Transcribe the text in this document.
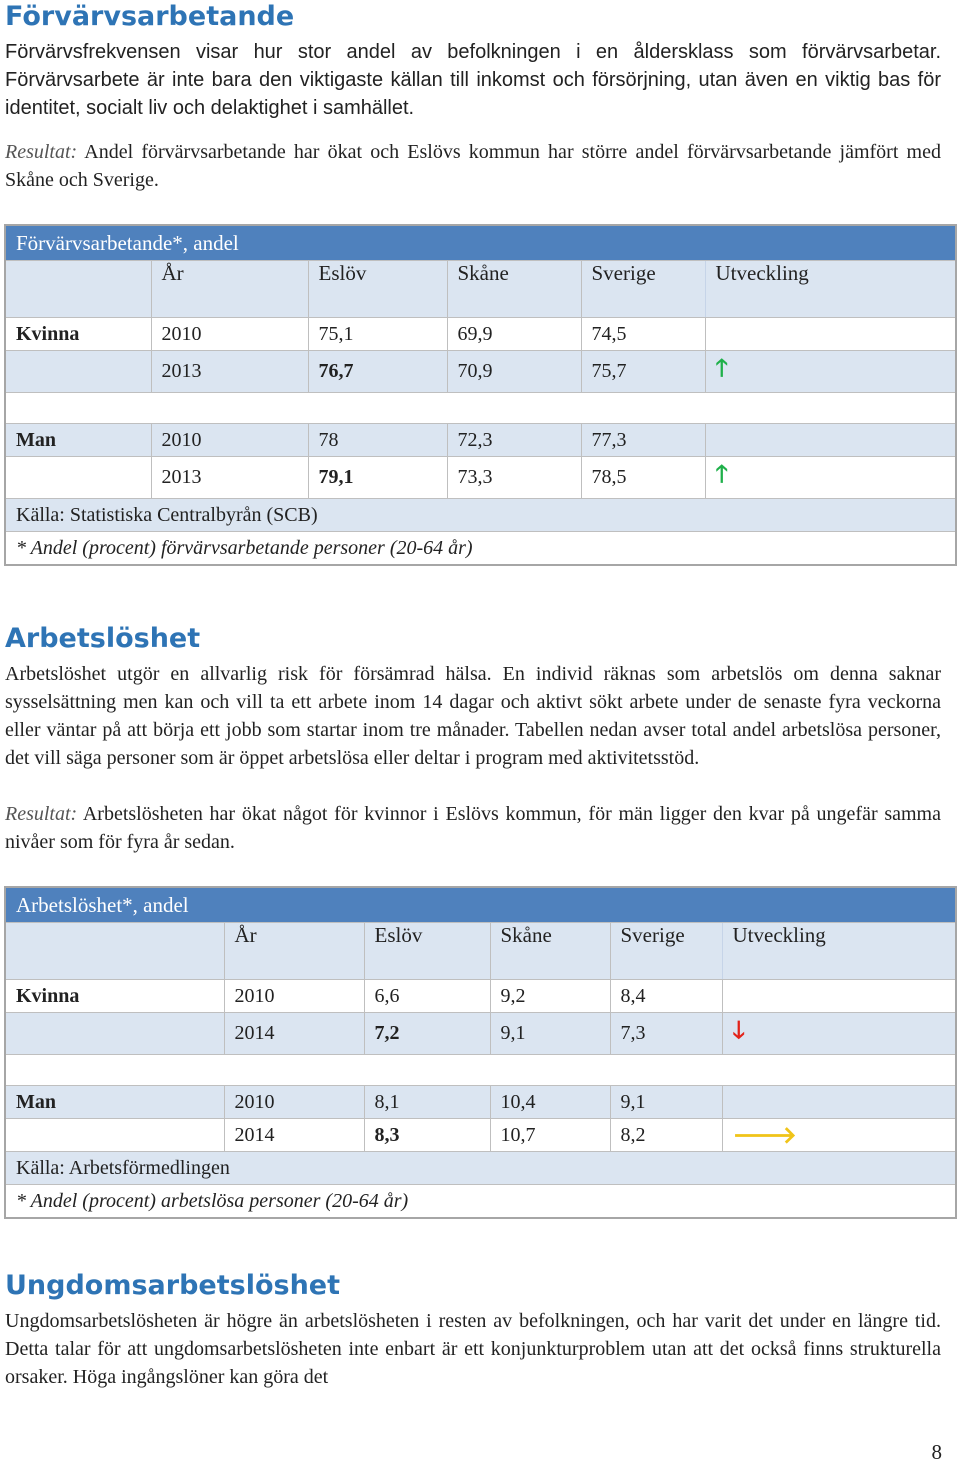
Förvärvsarbetande

Förvärvsfrekvensen visar hur stor andel av befolkningen i en åldersklass som förvärvsarbetar. Förvärvsarbete är inte bara den viktigaste källan till inkomst och försörjning, utan även en viktig bas för identitet, socialt liv och delaktighet i samhället.

Resultat: Andel förvärvsarbetande har ökat och Eslövs kommun har större andel förvärvsarbetande jämfört med Skåne och Sverige.

Förvärvsarbetande*, andel					
	År	Eslöv	Skåne	Sverige	Utveckling
Kvinna	2010	75,1	69,9	74,5	
	2013	76,7	70,9	75,7	🡑

Man	2010	78	72,3	77,3	
	2013	79,1	73,3	78,5	🡑
Källa: Statistiska Centralbyrån (SCB)					
* Andel (procent) förvärvsarbetande personer (20-64 år)					
Arbetslöshet

Arbetslöshet utgör en allvarlig risk för försämrad hälsa. En individ räknas som arbetslös om denna saknar sysselsättning men kan och vill ta ett arbete inom 14 dagar och aktivt sökt arbete under de senaste fyra veckorna eller väntar på att börja ett jobb som startar inom tre månader. Tabellen nedan avser total andel arbetslösa personer, det vill säga personer som är öppet arbetslösa eller deltar i program med aktivitetsstöd.

Resultat: Arbetslösheten har ökat något för kvinnor i Eslövs kommun, för män ligger den kvar på ungefär samma nivåer som för fyra år sedan.

Arbetslöshet*, andel					
	År	Eslöv	Skåne	Sverige	Utveckling
Kvinna	2010	6,6	9,2	8,4	
	2014	7,2	9,1	7,3	🡓

Man	2010	8,1	10,4	9,1	
	2014	8,3	10,7	8,2	🡒
Källa: Arbetsförmedlingen					
* Andel (procent) arbetslösa personer (20-64 år)					
Ungdomsarbetslöshet

Ungdomsarbetslösheten är högre än arbetslösheten i resten av befolkningen, och har varit det under en längre tid. Detta talar för att ungdomsarbetslösheten inte enbart är ett konjunkturproblem utan att det också finns strukturella orsaker. Höga ingångslöner kan göra det

8
